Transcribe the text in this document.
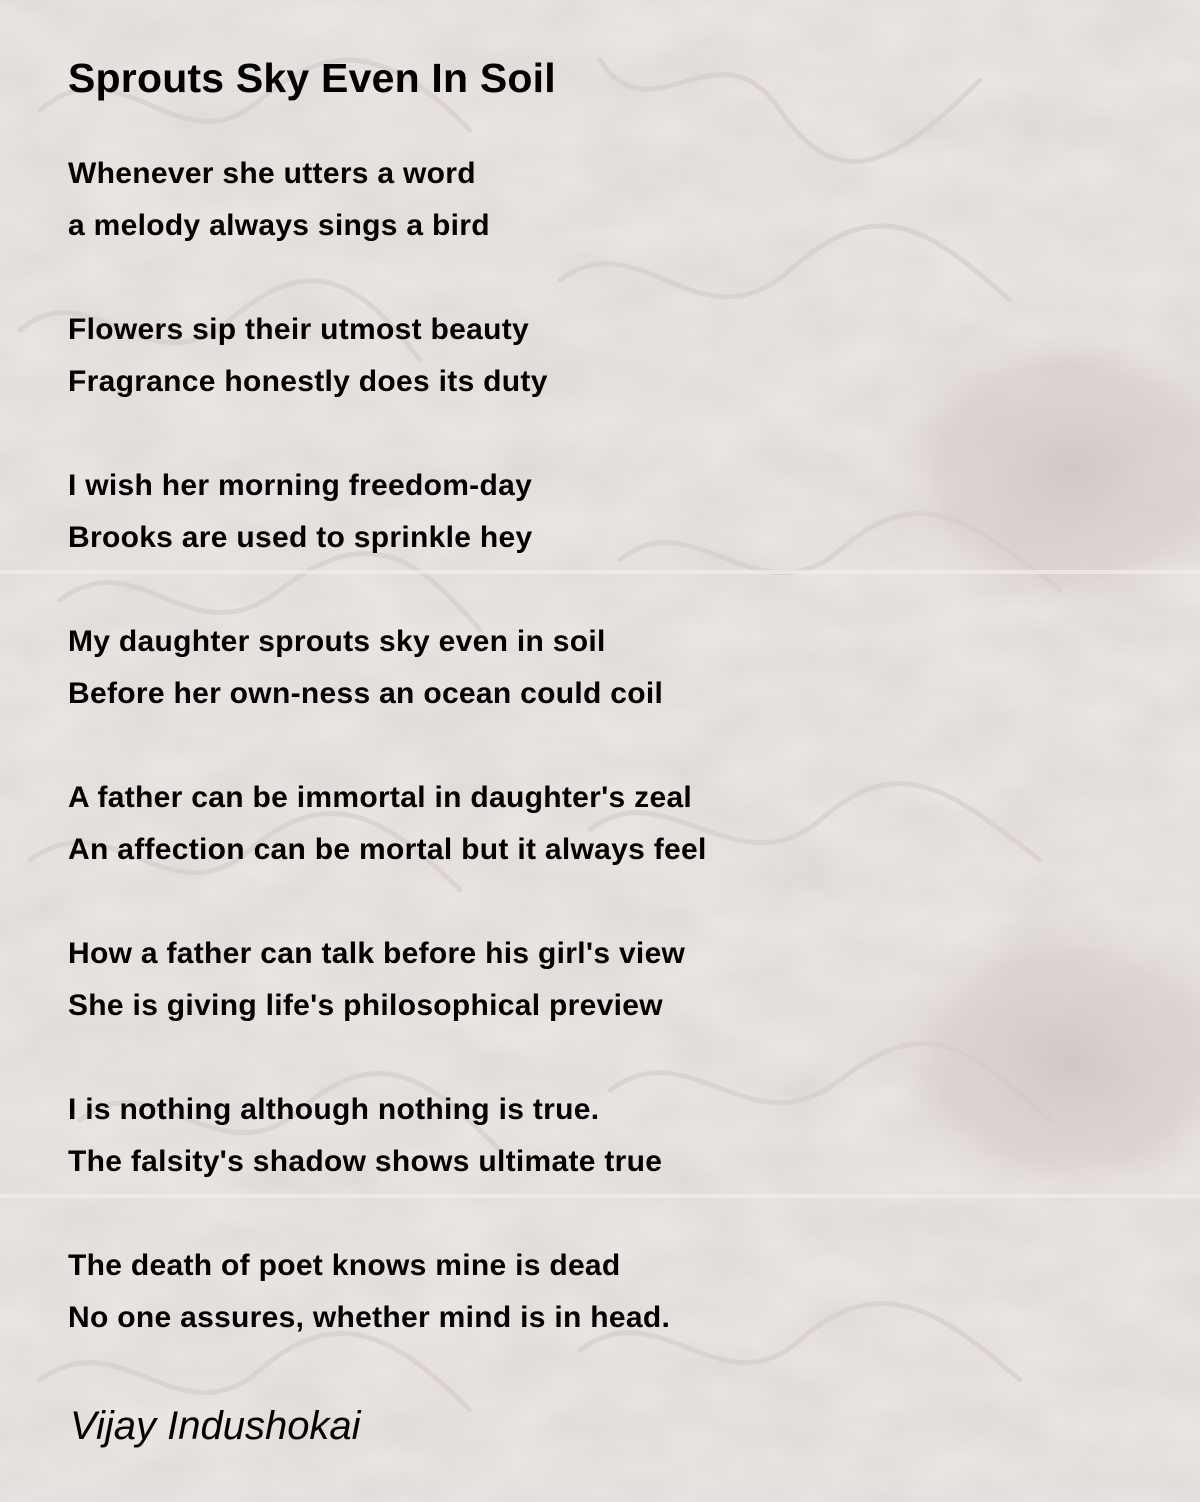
Sprouts Sky Even In Soil

Whenever she utters a word

a melody always sings a bird

Flowers sip their utmost beauty

Fragrance honestly does its duty

I wish her morning freedom-day

Brooks are used to sprinkle hey

My daughter sprouts sky even in soil

Before her own-ness an ocean could coil

A father can be immortal in daughter's zeal

An affection can be mortal but it always feel

How a father can talk before his girl's view

She is giving life's philosophical preview

I is nothing although nothing is true.

The falsity's shadow shows ultimate true

The death of poet knows mine is dead

No one assures, whether mind is in head.

Vijay Indushokai
